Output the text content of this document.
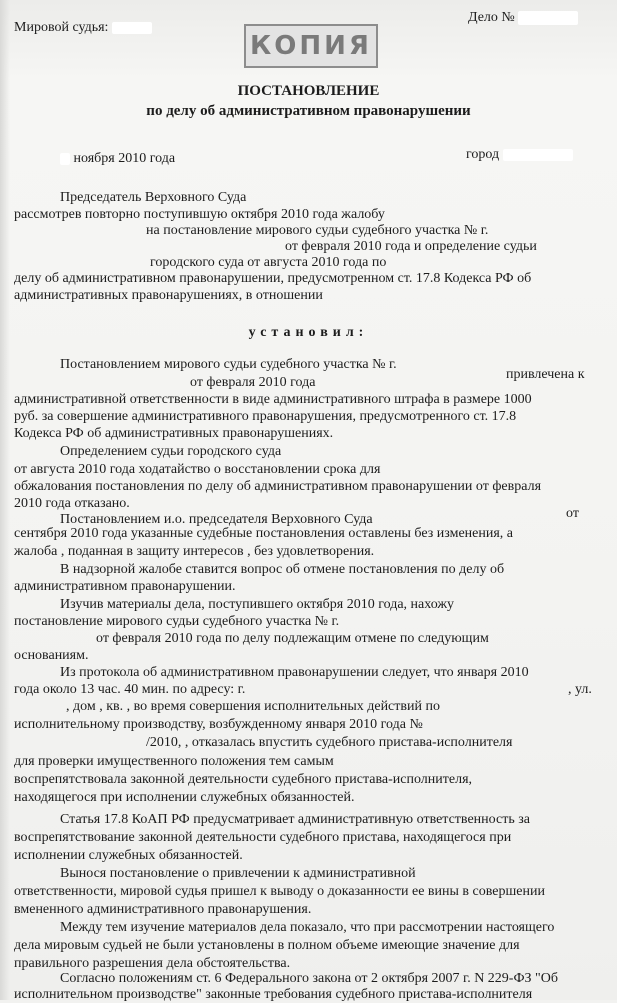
Мировой судья:
Дело №
КОПИЯ
ПОСТАНОВЛЕНИЕ
по делу об административном правонарушении
ноября 2010 года	город
Председатель Верховного Суда
рассмотрев повторно поступившую октября 2010 года жалобу
на постановление мирового судьи судебного участка № г.
от февраля 2010 года и определение судьи
городского суда от августа 2010 года по
делу об административном правонарушении, предусмотренном ст. 17.8 Кодекса РФ об
административных правонарушениях, в отношении
установил:
Постановлением мирового судьи судебного участка № г.
привлечена к
от февраля 2010 года
административной ответственности в виде административного штрафа в размере 1000
руб. за совершение административного правонарушения, предусмотренного ст. 17.8
Кодекса РФ об административных правонарушениях.
Определением судьи городского суда
от августа 2010 года ходатайство о восстановлении срока для
обжалования постановления по делу об административном правонарушении от февраля
2010 года отказано.
Постановлением и.о. председателя Верховного Суда	от
сентября 2010 года указанные судебные постановления оставлены без изменения, а
жалоба , поданная в защиту интересов , без удовлетворения.
В надзорной жалобе ставится вопрос об отмене постановления по делу об
административном правонарушении.
Изучив материалы дела, поступившего октября 2010 года, нахожу
постановление мирового судьи судебного участка № г.
от февраля 2010 года по делу подлежащим отмене по следующим
основаниям.
Из протокола об административном правонарушении следует, что января 2010
года около 13 час. 40 мин. по адресу: г.	, ул.
, дом , кв. , во время совершения исполнительных действий по
исполнительному производству, возбужденному января 2010 года №
/2010, , отказалась впустить судебного пристава-исполнителя
для проверки имущественного положения тем самым
воспрепятствовала законной деятельности судебного пристава-исполнителя,
находящегося при исполнении служебных обязанностей.
Статья 17.8 КоАП РФ предусматривает административную ответственность за
воспрепятствование законной деятельности судебного пристава, находящегося при
исполнении служебных обязанностей.
Вынося постановление о привлечении к административной
ответственности, мировой судья пришел к выводу о доказанности ее вины в совершении
вмененного административного правонарушения.
Между тем изучение материалов дела показало, что при рассмотрении настоящего
дела мировым судьей не были установлены в полном объеме имеющие значение для
правильного разрешения дела обстоятельства.
Согласно положениям ст. 6 Федерального закона от 2 октября 2007 г. N 229-ФЗ "Об
исполнительном производстве" законные требования судебного пристава-исполнителя
